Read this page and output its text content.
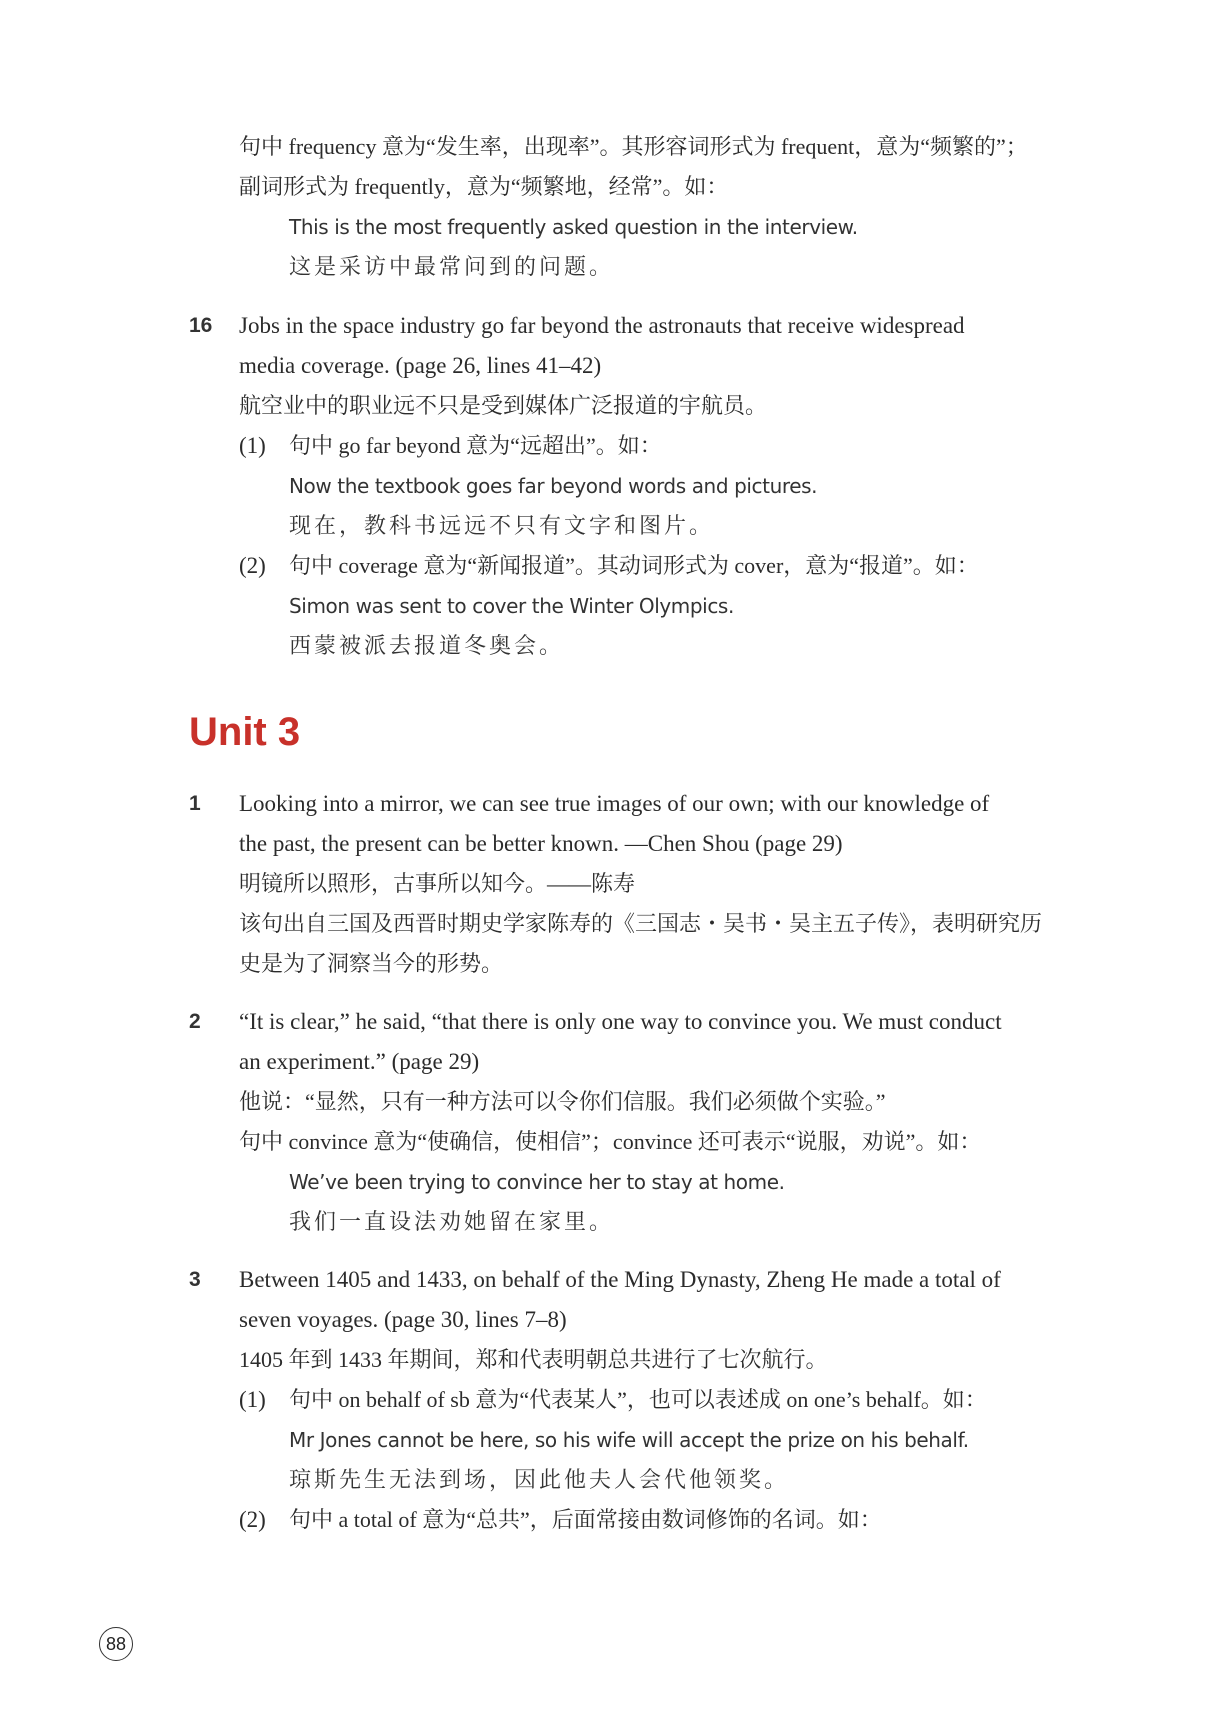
句中 frequency 意为“发生率，出现率”。其形容词形式为 frequent，意为“频繁的”；
副词形式为 frequently，意为“频繁地，经常”。如：
This is the most frequently asked question in the interview.
这是采访中最常问到的问题。
16 Jobs in the space industry go far beyond the astronauts that receive widespread
media coverage. (page 26, lines 41–42)
航空业中的职业远不只是受到媒体广泛报道的宇航员。
(1) 句中 go far beyond 意为“远超出”。如：
Now the textbook goes far beyond words and pictures.
现在，教科书远远不只有文字和图片。
(2) 句中 coverage 意为“新闻报道”。其动词形式为 cover，意为“报道”。如：
Simon was sent to cover the Winter Olympics.
西蒙被派去报道冬奥会。
Unit 3
1 Looking into a mirror, we can see true images of our own; with our knowledge of
the past, the present can be better known. —Chen Shou (page 29)
明镜所以照形，古事所以知今。——陈寿
该句出自三国及西晋时期史学家陈寿的《三国志・吴书・吴主五子传》，表明研究历
史是为了洞察当今的形势。
2 “It is clear,” he said, “that there is only one way to convince you. We must conduct
an experiment.” (page 29)
他说：“显然，只有一种方法可以令你们信服。我们必须做个实验。”
句中 convince 意为“使确信，使相信”；convince 还可表示“说服，劝说”。如：
We’ve been trying to convince her to stay at home.
我们一直设法劝她留在家里。
3 Between 1405 and 1433, on behalf of the Ming Dynasty, Zheng He made a total of
seven voyages. (page 30, lines 7–8)
1405 年到 1433 年期间，郑和代表明朝总共进行了七次航行。
(1) 句中 on behalf of sb 意为“代表某人”，也可以表述成 on one’s behalf。如：
Mr Jones cannot be here, so his wife will accept the prize on his behalf.
琼斯先生无法到场，因此他夫人会代他领奖。
(2) 句中 a total of 意为“总共”，后面常接由数词修饰的名词。如：
88
